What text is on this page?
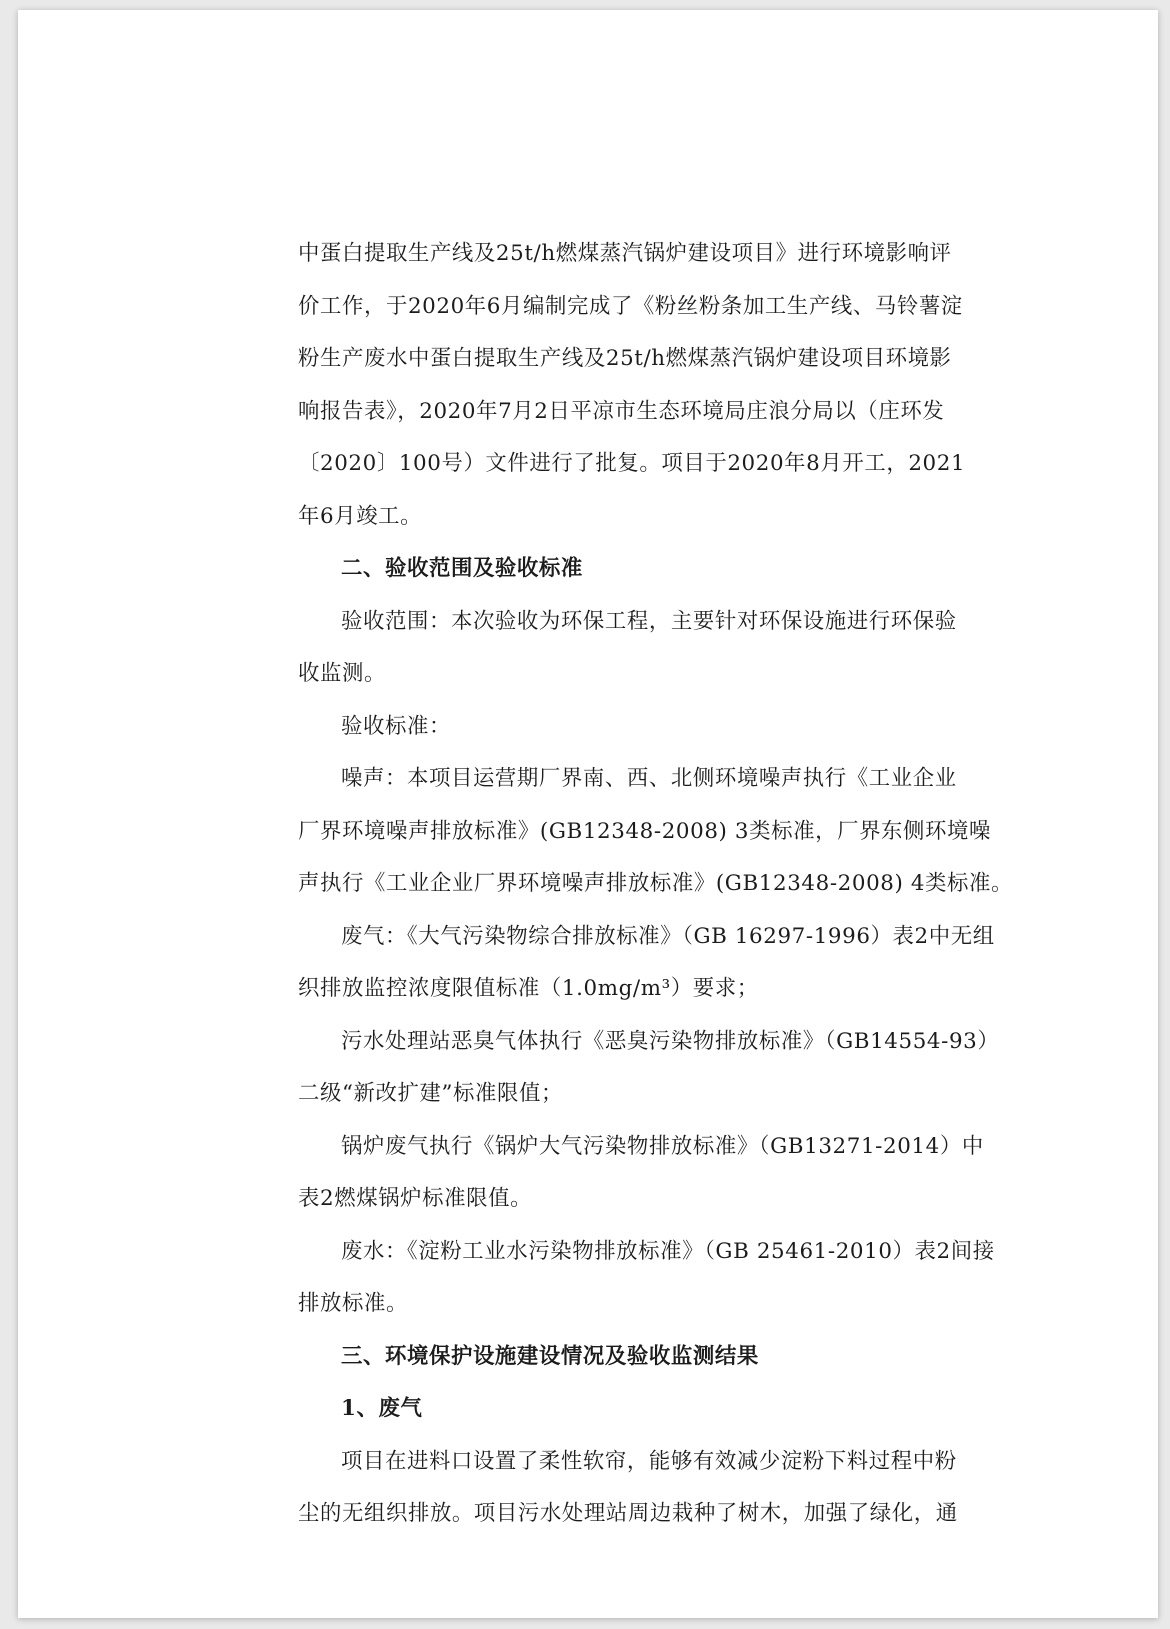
中蛋白提取生产线及25t/h燃煤蒸汽锅炉建设项目》进行环境影响评
价工作，于2020年6月编制完成了《粉丝粉条加工生产线、马铃薯淀
粉生产废水中蛋白提取生产线及25t/h燃煤蒸汽锅炉建设项目环境影
响报告表》，2020年7月2日平凉市生态环境局庄浪分局以（庄环发
〔2020〕100号）文件进行了批复。项目于2020年8月开工，2021
年6月竣工。
二、验收范围及验收标准
验收范围：本次验收为环保工程，主要针对环保设施进行环保验
收监测。
验收标准：
噪声：本项目运营期厂界南、西、北侧环境噪声执行《工业企业
厂界环境噪声排放标准》(GB12348-2008) 3类标准，厂界东侧环境噪
声执行《工业企业厂界环境噪声排放标准》(GB12348-2008) 4类标准。
废气：《大气污染物综合排放标准》（GB 16297-1996）表2中无组
织排放监控浓度限值标准（1.0mg/m³）要求；
污水处理站恶臭气体执行《恶臭污染物排放标准》（GB14554-93）
二级“新改扩建”标准限值；
锅炉废气执行《锅炉大气污染物排放标准》（GB13271-2014）中
表2燃煤锅炉标准限值。
废水：《淀粉工业水污染物排放标准》（GB 25461-2010）表2间接
排放标准。
三、环境保护设施建设情况及验收监测结果
1、废气
项目在进料口设置了柔性软帘，能够有效减少淀粉下料过程中粉
尘的无组织排放。项目污水处理站周边栽种了树木，加强了绿化，通
